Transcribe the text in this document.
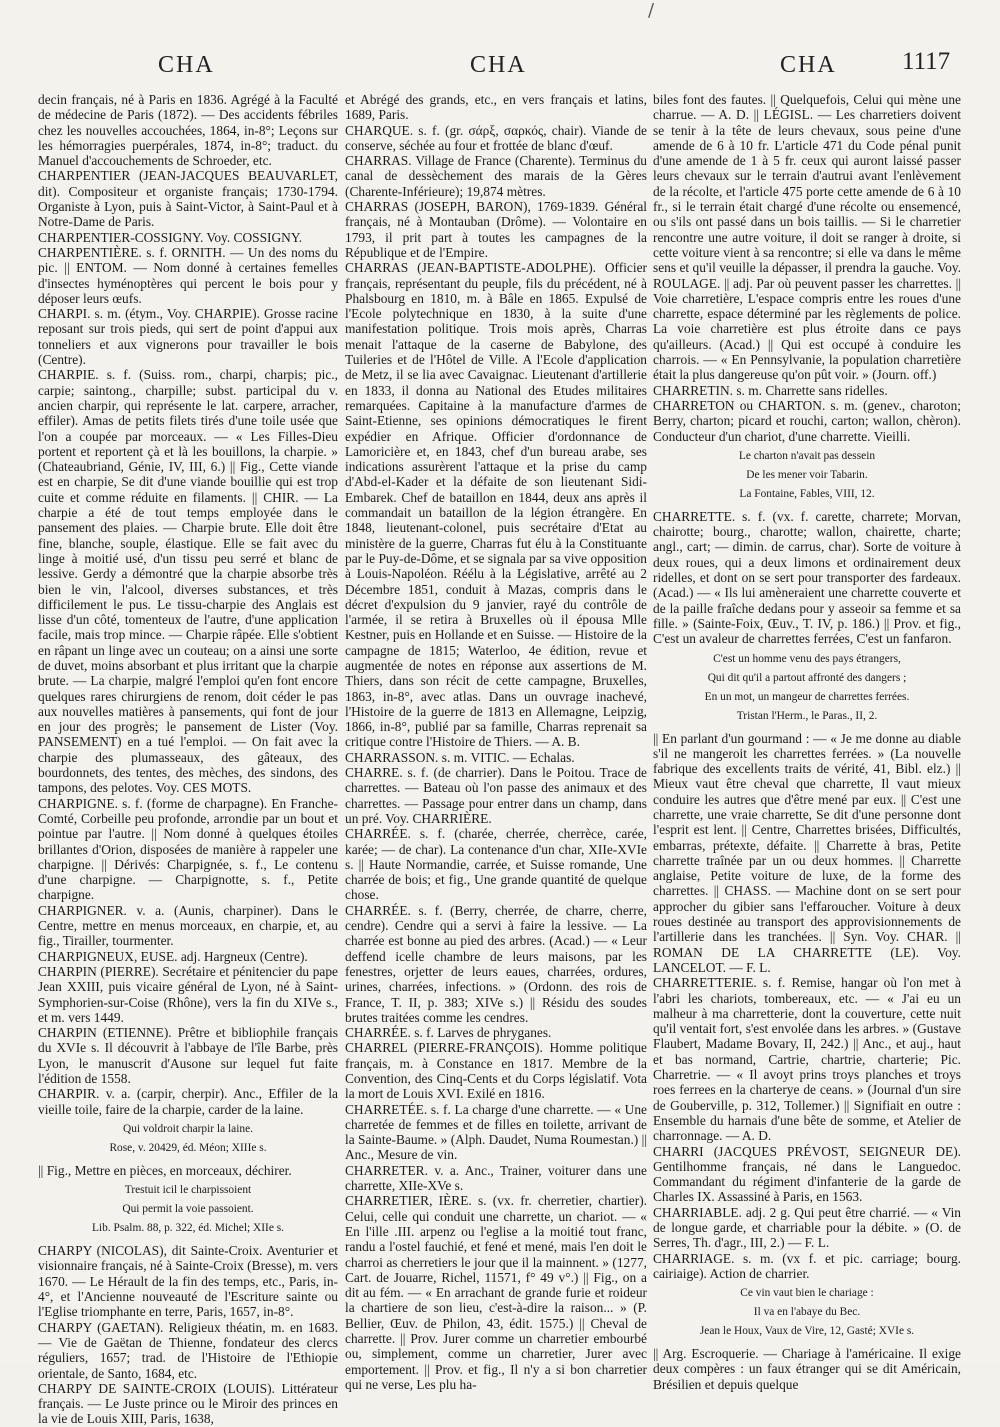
/
CHA	CHA	CHA	1117

decin français, né à Paris en 1836. Agrégé à la Faculté de médecine de Paris (1872). — Des accidents fébriles chez les nouvelles accouchées, 1864, in-8°; Leçons sur les hémorragies puerpérales, 1874, in-8°; traduct. du Manuel d'accouchements de Schroeder, etc.

CHARPENTIER (JEAN-JACQUES BEAUVARLET, dit). Compositeur et organiste français; 1730-1794. Organiste à Lyon, puis à Saint-Victor, à Saint-Paul et à Notre-Dame de Paris.

CHARPENTIER-COSSIGNY. Voy. COSSIGNY.

CHARPENTIÈRE. s. f. ORNITH. — Un des noms du pic. || ENTOM. — Nom donné à certaines femelles d'insectes hyménoptères qui percent le bois pour y déposer leurs œufs.

CHARPI. s. m. (étym., Voy. CHARPIE). Grosse racine reposant sur trois pieds, qui sert de point d'appui aux tonneliers et aux vignerons pour travailler le bois (Centre).

CHARPIE. s. f. (Suiss. rom., charpi, charpis; pic., carpie; saintong., charpille; subst. participal du v. ancien charpir, qui représente le lat. carpere, arracher, effiler). Amas de petits filets tirés d'une toile usée que l'on a coupée par morceaux. — « Les Filles-Dieu portent et reportent çà et là les bouillons, la charpie. » (Chateaubriand, Génie, IV, III, 6.) || Fig., Cette viande est en charpie, Se dit d'une viande bouillie qui est trop cuite et comme réduite en filaments. || CHIR. — La charpie a été de tout temps employée dans le pansement des plaies. — Charpie brute. Elle doit être fine, blanche, souple, élastique. Elle se fait avec du linge à moitié usé, d'un tissu peu serré et blanc de lessive. Gerdy a démontré que la charpie absorbe très bien le vin, l'alcool, diverses substances, et très difficilement le pus. Le tissu-charpie des Anglais est lisse d'un côté, tomenteux de l'autre, d'une application facile, mais trop mince. — Charpie râpée. Elle s'obtient en râpant un linge avec un couteau; on a ainsi une sorte de duvet, moins absorbant et plus irritant que la charpie brute. — La charpie, malgré l'emploi qu'en font encore quelques rares chirurgiens de renom, doit céder le pas aux nouvelles matières à pansements, qui font de jour en jour des progrès; le pansement de Lister (Voy. PANSEMENT) en a tué l'emploi. — On fait avec la charpie des plumasseaux, des gâteaux, des bourdonnets, des tentes, des mèches, des sindons, des tampons, des pelotes. Voy. CES MOTS.

CHARPIGNE. s. f. (forme de charpagne). En Franche-Comté, Corbeille peu profonde, arrondie par un bout et pointue par l'autre. || Nom donné à quelques étoiles brillantes d'Orion, disposées de manière à rappeler une charpigne. || Dérivés: Charpignée, s. f., Le contenu d'une charpigne. — Charpignotte, s. f., Petite charpigne.

CHARPIGNER. v. a. (Aunis, charpiner). Dans le Centre, mettre en menus morceaux, en charpie, et, au fig., Tirailler, tourmenter.

CHARPIGNEUX, EUSE. adj. Hargneux (Centre).

CHARPIN (PIERRE). Secrétaire et pénitencier du pape Jean XXIII, puis vicaire général de Lyon, né à Saint-Symphorien-sur-Coise (Rhône), vers la fin du XIVe s., et m. vers 1449.

CHARPIN (ETIENNE). Prêtre et bibliophile français du XVIe s. Il découvrit à l'abbaye de l'île Barbe, près Lyon, le manuscrit d'Ausone sur lequel fut faite l'édition de 1558.

CHARPIR. v. a. (carpir, cherpir). Anc., Effiler de la vieille toile, faire de la charpie, carder de la laine.

Qui voldroit charpir la laine.

Rose, v. 20429, éd. Méon; XIIIe s.

|| Fig., Mettre en pièces, en morceaux, déchirer.

Trestuit icil le charpissoient

Qui permit la voie passoient.

Lib. Psalm. 88, p. 322, éd. Michel; XIIe s.

CHARPY (NICOLAS), dit Sainte-Croix. Aventurier et visionnaire français, né à Sainte-Croix (Bresse), m. vers 1670. — Le Hérault de la fin des temps, etc., Paris, in-4°, et l'Ancienne nouveauté de l'Escriture sainte ou l'Eglise triomphante en terre, Paris, 1657, in-8°.

CHARPY (GAETAN). Religieux théatin, m. en 1683. — Vie de Gaëtan de Thienne, fondateur des clercs réguliers, 1657; trad. de l'Histoire de l'Ethiopie orientale, de Santo, 1684, etc.

CHARPY DE SAINTE-CROIX (LOUIS). Littérateur français. — Le Juste prince ou le Miroir des princes en la vie de Louis XIII, Paris, 1638,

et Abrégé des grands, etc., en vers français et latins, 1689, Paris.

CHARQUE. s. f. (gr. σάρξ, σαρκός, chair). Viande de conserve, séchée au four et frottée de blanc d'œuf.

CHARRAS. Village de France (Charente). Terminus du canal de dessèchement des marais de la Gères (Charente-Inférieure); 19,874 mètres.

CHARRAS (JOSEPH, BARON), 1769-1839. Général français, né à Montauban (Drôme). — Volontaire en 1793, il prit part à toutes les campagnes de la République et de l'Empire.

CHARRAS (JEAN-BAPTISTE-ADOLPHE). Officier français, représentant du peuple, fils du précédent, né à Phalsbourg en 1810, m. à Bâle en 1865. Expulsé de l'Ecole polytechnique en 1830, à la suite d'une manifestation politique. Trois mois après, Charras menait l'attaque de la caserne de Babylone, des Tuileries et de l'Hôtel de Ville. A l'Ecole d'application de Metz, il se lia avec Cavaignac. Lieutenant d'artillerie en 1833, il donna au National des Etudes militaires remarquées. Capitaine à la manufacture d'armes de Saint-Etienne, ses opinions démocratiques le firent expédier en Afrique. Officier d'ordonnance de Lamoricière et, en 1843, chef d'un bureau arabe, ses indications assurèrent l'attaque et la prise du camp d'Abd-el-Kader et la défaite de son lieutenant Sidi-Embarek. Chef de bataillon en 1844, deux ans après il commandait un bataillon de la légion étrangère. En 1848, lieutenant-colonel, puis secrétaire d'Etat au ministère de la guerre, Charras fut élu à la Constituante par le Puy-de-Dôme, et se signala par sa vive opposition à Louis-Napoléon. Réélu à la Législative, arrêté au 2 Décembre 1851, conduit à Mazas, compris dans le décret d'expulsion du 9 janvier, rayé du contrôle de l'armée, il se retira à Bruxelles où il épousa Mlle Kestner, puis en Hollande et en Suisse. — Histoire de la campagne de 1815; Waterloo, 4e édition, revue et augmentée de notes en réponse aux assertions de M. Thiers, dans son récit de cette campagne, Bruxelles, 1863, in-8°, avec atlas. Dans un ouvrage inachevé, l'Histoire de la guerre de 1813 en Allemagne, Leipzig, 1866, in-8°, publié par sa famille, Charras reprenait sa critique contre l'Histoire de Thiers. — A. B.

CHARRASSON. s. m. VITIC. — Echalas.

CHARRE. s. f. (de charrier). Dans le Poitou. Trace de charrettes. — Bateau où l'on passe des animaux et des charrettes. — Passage pour entrer dans un champ, dans un pré. Voy. CHARRIÈRE.

CHARRÉE. s. f. (charée, cherrée, cherrèce, carée, karée; — de char). La contenance d'un char, XIIe-XVIe s. || Haute Normandie, carrée, et Suisse romande, Une charrée de bois; et fig., Une grande quantité de quelque chose.

CHARRÉE. s. f. (Berry, cherrée, de charre, cherre, cendre). Cendre qui a servi à faire la lessive. — La charrée est bonne au pied des arbres. (Acad.) — « Leur deffend icelle chambre de leurs maisons, par les fenestres, orjetter de leurs eaues, charrées, ordures, urines, charrées, infections. » (Ordonn. des rois de France, T. II, p. 383; XIVe s.) || Résidu des soudes brutes traitées comme les cendres.

CHARRÉE. s. f. Larves de phryganes.

CHARREL (PIERRE-FRANÇOIS). Homme politique français, m. à Constance en 1817. Membre de la Convention, des Cinq-Cents et du Corps législatif. Vota la mort de Louis XVI. Exilé en 1816.

CHARRETÉE. s. f. La charge d'une charrette. — « Une charretée de femmes et de filles en toilette, arrivant de la Sainte-Baume. » (Alph. Daudet, Numa Roumestan.) || Anc., Mesure de vin.

CHARRETER. v. a. Anc., Trainer, voiturer dans une charrette, XIIe-XVe s.

CHARRETIER, IÈRE. s. (vx. fr. cherretier, chartier). Celui, celle qui conduit une charrette, un chariot. — « En l'ille .III. arpenz ou l'eglise a la moitié tout franc, randu a l'ostel fauchié, et fené et mené, mais l'en doit le charroi as cherretiers le jour que il la mainnent. » (1277, Cart. de Jouarre, Richel, 11571, f° 49 v°.) || Fig., on a dit au fém. — « En arrachant de grande furie et roideur la chartiere de son lieu, c'est-à-dire la raison... » (P. Bellier, Œuv. de Philon, 43, édit. 1575.) || Cheval de charrette. || Prov. Jurer comme un charretier embourbé ou, simplement, comme un charretier, Jurer avec emportement. || Prov. et fig., Il n'y a si bon charretier qui ne verse, Les plu ha-

biles font des fautes. || Quelquefois, Celui qui mène une charrue. — A. D. || LÉGISL. — Les charretiers doivent se tenir à la tête de leurs chevaux, sous peine d'une amende de 6 à 10 fr. L'article 471 du Code pénal punit d'une amende de 1 à 5 fr. ceux qui auront laissé passer leurs chevaux sur le terrain d'autrui avant l'enlèvement de la récolte, et l'article 475 porte cette amende de 6 à 10 fr., si le terrain était chargé d'une récolte ou ensemencé, ou s'ils ont passé dans un bois taillis. — Si le charretier rencontre une autre voiture, il doit se ranger à droite, si cette voiture vient à sa rencontre; si elle va dans le même sens et qu'il veuille la dépasser, il prendra la gauche. Voy. ROULAGE. || adj. Par où peuvent passer les charrettes. || Voie charretière, L'espace compris entre les roues d'une charrette, espace déterminé par les règlements de police. La voie charretière est plus étroite dans ce pays qu'ailleurs. (Acad.) || Qui est occupé à conduire les charrois. — « En Pennsylvanie, la population charretière était la plus dangereuse qu'on pût voir. » (Journ. off.)

CHARRETIN. s. m. Charrette sans ridelles.

CHARRETON ou CHARTON. s. m. (genev., charoton; Berry, charton; picard et rouchi, carton; wallon, chèron). Conducteur d'un chariot, d'une charrette. Vieilli.

Le charton n'avait pas dessein

De les mener voir Tabarin.

La Fontaine, Fables, VIII, 12.

CHARRETTE. s. f. (vx. f. carette, charrete; Morvan, chairotte; bourg., charotte; wallon, chairette, charte; angl., cart; — dimin. de carrus, char). Sorte de voiture à deux roues, qui a deux limons et ordinairement deux ridelles, et dont on se sert pour transporter des fardeaux. (Acad.) — « Ils lui amèneraient une charrette couverte et de la paille fraîche dedans pour y asseoir sa femme et sa fille. » (Sainte-Foix, Œuv., T. IV, p. 186.) || Prov. et fig., C'est un avaleur de charrettes ferrées, C'est un fanfaron.

C'est un homme venu des pays étrangers,

Qui dit qu'il a partout affronté des dangers ;

En un mot, un mangeur de charrettes ferrées.

Tristan l'Herm., le Paras., II, 2.

|| En parlant d'un gourmand : — « Je me donne au diable s'il ne mangeroit les charrettes ferrées. » (La nouvelle fabrique des excellents traits de vérité, 41, Bibl. elz.) || Mieux vaut être cheval que charrette, Il vaut mieux conduire les autres que d'être mené par eux. || C'est une charrette, une vraie charrette, Se dit d'une personne dont l'esprit est lent. || Centre, Charrettes brisées, Difficultés, embarras, prétexte, défaite. || Charrette à bras, Petite charrette traînée par un ou deux hommes. || Charrette anglaise, Petite voiture de luxe, de la forme des charrettes. || CHASS. — Machine dont on se sert pour approcher du gibier sans l'effaroucher. Voiture à deux roues destinée au transport des approvisionnements de l'artillerie dans les tranchées. || Syn. Voy. CHAR. || ROMAN DE LA CHARRETTE (LE). Voy. LANCELOT. — F. L.

CHARRETTERIE. s. f. Remise, hangar où l'on met à l'abri les chariots, tombereaux, etc. — « J'ai eu un malheur à ma charretterie, dont la couverture, cette nuit qu'il ventait fort, s'est envolée dans les arbres. » (Gustave Flaubert, Madame Bovary, II, 242.) || Anc., et auj., haut et bas normand, Cartrie, chartrie, charterie; Pic. Charretrie. — « Il avoyt prins troys planches et troys roes ferrees en la charterye de ceans. » (Journal d'un sire de Gouberville, p. 312, Tollemer.) || Signifiait en outre : Ensemble du harnais d'une bête de somme, et Atelier de charronnage. — A. D.

CHARRI (JACQUES PRÉVOST, SEIGNEUR DE). Gentilhomme français, né dans le Languedoc. Commandant du régiment d'infanterie de la garde de Charles IX. Assassiné à Paris, en 1563.

CHARRIABLE. adj. 2 g. Qui peut être charrié. — « Vin de longue garde, et charriable pour la débite. » (O. de Serres, Th. d'agr., III, 2.) — F. L.

CHARRIAGE. s. m. (vx f. et pic. carriage; bourg. cairiaige). Action de charrier.

Ce vin vaut bien le chariage :

Il va en l'abaye du Bec.

Jean le Houx, Vaux de Vire, 12, Gasté; XVIe s.

|| Arg. Escroquerie. — Chariage à l'américaine. Il exige deux compères : un faux étranger qui se dit Américain, Brésilien et depuis quelque
